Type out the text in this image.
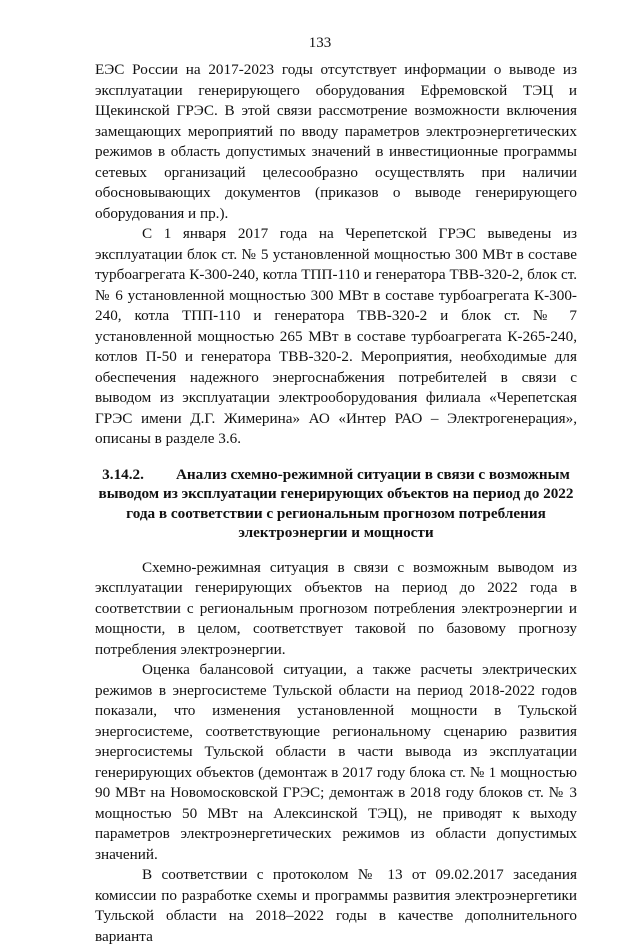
133

ЕЭС России на 2017-2023 годы отсутствует информации о выводе из эксплуатации генерирующего оборудования Ефремовской ТЭЦ и Щекинской ГРЭС. В этой связи рассмотрение возможности включения замещающих мероприятий по вводу параметров электроэнергетических режимов в область допустимых значений в инвестиционные программы сетевых организаций целесообразно осуществлять при наличии обосновывающих документов (приказов о выводе генерирующего оборудования и пр.).

С 1 января 2017 года на Черепетской ГРЭС выведены из эксплуатации блок ст. № 5 установленной мощностью 300 МВт в составе турбоагрегата К-300-240, котла ТПП-110 и генератора ТВВ-320-2, блок ст. № 6 установленной мощностью 300 МВт в составе турбоагрегата К-300-240, котла ТПП-110 и генератора ТВВ-320-2 и блок ст. № 7 установленной мощностью 265 МВт в составе турбоагрегата К-265-240, котлов П-50 и генератора ТВВ-320-2. Мероприятия, необходимые для обеспечения надежного энергоснабжения потребителей в связи с выводом из эксплуатации электрооборудования филиала «Черепетская ГРЭС имени Д.Г. Жимерина» АО «Интер РАО – Электрогенерация», описаны в разделе 3.6.

3.14.2. Анализ схемно-режимной ситуации в связи с возможным выводом из эксплуатации генерирующих объектов на период до 2022 года в соответствии с региональным прогнозом потребления электроэнергии и мощности

Схемно-режимная ситуация в связи с возможным выводом из эксплуатации генерирующих объектов на период до 2022 года в соответствии с региональным прогнозом потребления электроэнергии и мощности, в целом, соответствует таковой по базовому прогнозу потребления электроэнергии.

Оценка балансовой ситуации, а также расчеты электрических режимов в энергосистеме Тульской области на период 2018-2022 годов показали, что изменения установленной мощности в Тульской энергосистеме, соответствующие региональному сценарию развития энергосистемы Тульской области в части вывода из эксплуатации генерирующих объектов (демонтаж в 2017 году блока ст. № 1 мощностью 90 МВт на Новомосковской ГРЭС; демонтаж в 2018 году блоков ст. № 3 мощностью 50 МВт на Алексинской ТЭЦ), не приводят к выходу параметров электроэнергетических режимов из области допустимых значений.

В соответствии с протоколом № 13 от 09.02.2017 заседания комиссии по разработке схемы и программы развития электроэнергетики Тульской области на 2018–2022 годы в качестве дополнительного варианта
